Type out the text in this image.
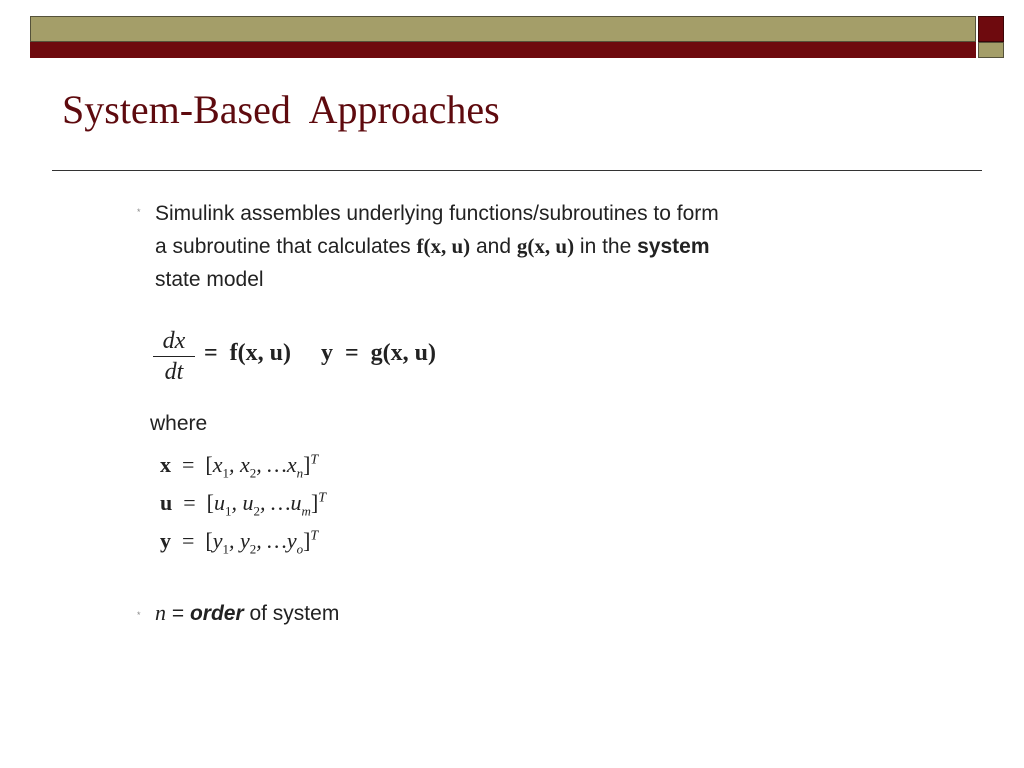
System-Based  Approaches
* Simulink assembles underlying functions/subroutines to form
a subroutine that calculates f(x, u) and g(x, u) in the system
state model
$\frac{dx}{dt} = f(x$, u)     y  =  g(x, u)
where
$x = [x_1$, $x_2$, $\dots x_n]^T$
$u = [u_1$, $u_2$, $\dots u_m]^T$
$y = [y_1$, $y_2$, $\dots y_o]^T$
* n = order of system
